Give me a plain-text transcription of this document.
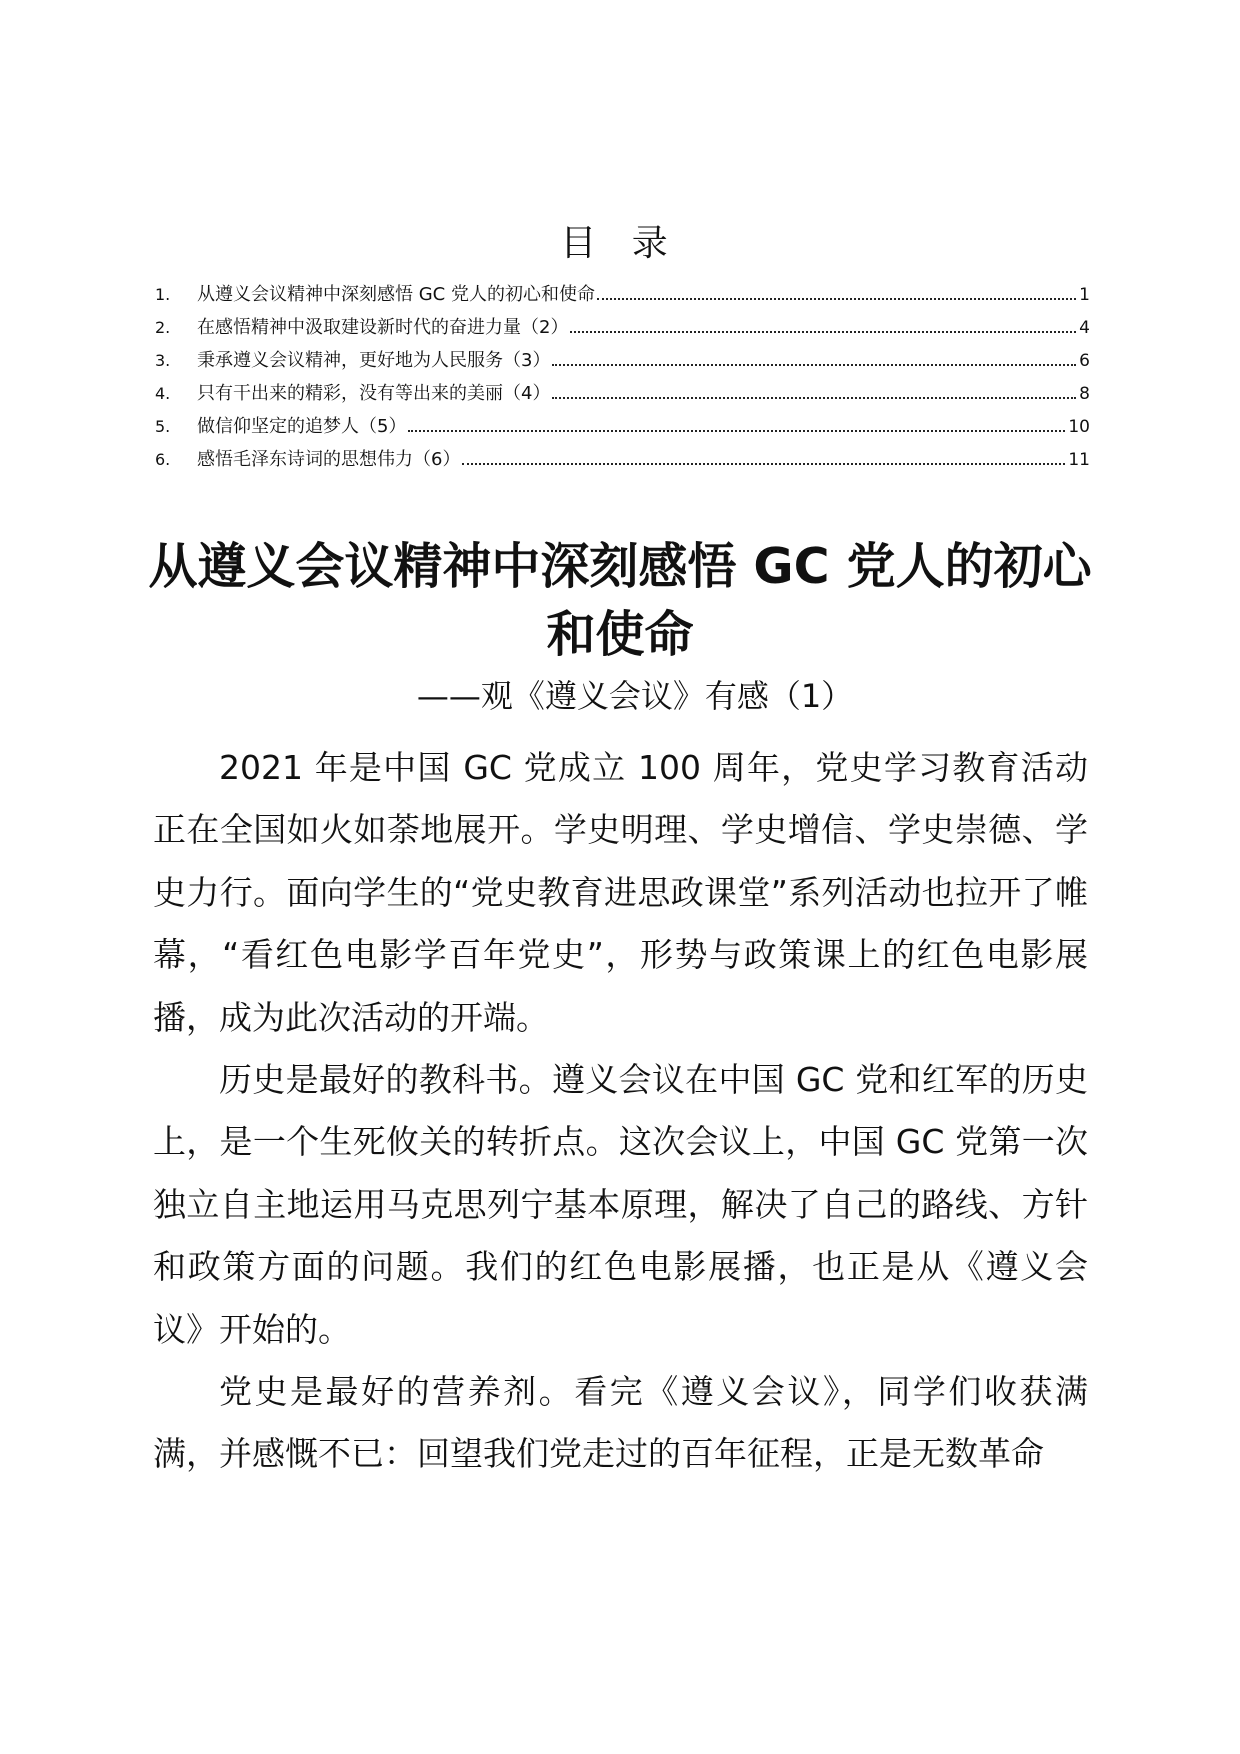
目 录
1.	从遵义会议精神中深刻感悟 GC 党人的初心和使命	1
2.	在感悟精神中汲取建设新时代的奋进力量（2）	4
3.	秉承遵义会议精神，更好地为人民服务（3）	6
4.	只有干出来的精彩，没有等出来的美丽（4）	8
5.	做信仰坚定的追梦人（5）	10
6.	感悟毛泽东诗词的思想伟力（6）	11
从遵义会议精神中深刻感悟 GC 党人的初心和使命
——观《遵义会议》有感（1）

2021 年是中国 GC 党成立 100 周年，党史学习教育活动正在全国如火如荼地展开。学史明理、学史增信、学史崇德、学史力行。面向学生的“党史教育进思政课堂”系列活动也拉开了帷幕，“看红色电影学百年党史”，形势与政策课上的红色电影展播，成为此次活动的开端。

历史是最好的教科书。遵义会议在中国 GC 党和红军的历史上，是一个生死攸关的转折点。这次会议上，中国 GC 党第一次独立自主地运用马克思列宁基本原理，解决了自己的路线、方针和政策方面的问题。我们的红色电影展播，也正是从《遵义会议》开始的。

党史是最好的营养剂。看完《遵义会议》，同学们收获满满，并感慨不已：回望我们党走过的百年征程，正是无数革命
